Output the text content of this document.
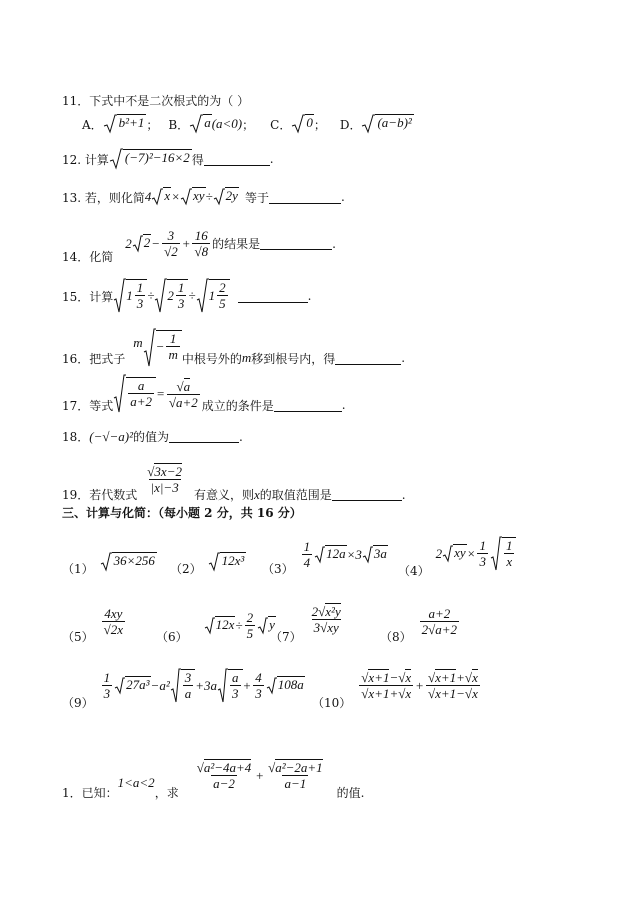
11．下式中不是二次根式的为（ ）
A． b²+1 ； B． a (a<0) ； C． 0 ； D． (a−b)²
12. 计算 (−7)²−16×2 得	.
13. 若，则化简 4 x × xy ÷ 2y 等于	.
14．化简
2 $2 - \frac{3}{√2} + \frac{16}{√8}$ 的结果是	.
15．计算 $1 \frac{1}{3} \div 2 \frac{1}{3} \div 1 \frac{2}{5}$	.
16．把式子
$m - \frac{1}{m}$ 中根号外的 m 移到根号内，得	.
17．等式 $\frac{a}{a+2} = \frac{√a}{√a+2}$ 成立的条件是	.
18． (−√−a)² 的值为	.
19．若代数式 $\frac{√3x-2}{|x|-3}$ 有意义，则 x 的取值范围是	.
三、计算与化简：（每小题 2 分，共 16 分）
（1）
36×256
（2）
12x³
$(3) \frac{1}{4} 12a \times 3$ 3a
（4）
2 xy × $\frac{1}{3} \frac{1}{x}$
$(5) \frac{4xy}{√2x}$	（6）
$12x \div \frac{2}{5}$ y
（7）
$\frac{\text{2√x²y}}{3√xy}$
$(8) \frac{a+2}{2√a+2}$
（9）
$\frac{1}{3} 27a^3 -a^2 \frac{3}{a} +3a \frac{a}{3} + \frac{4}{3} 108a$
（10）
$\frac{√x+1-√x}{√x+1+√x} + \frac{√x+1+√x}{√x+1-√x}$
1．已知：
1<a<2
，求
$\frac{\text{√a²−4a+4}}{a-2} + \frac{\text{√a²−2a+1}}{a-1}$
的值.
